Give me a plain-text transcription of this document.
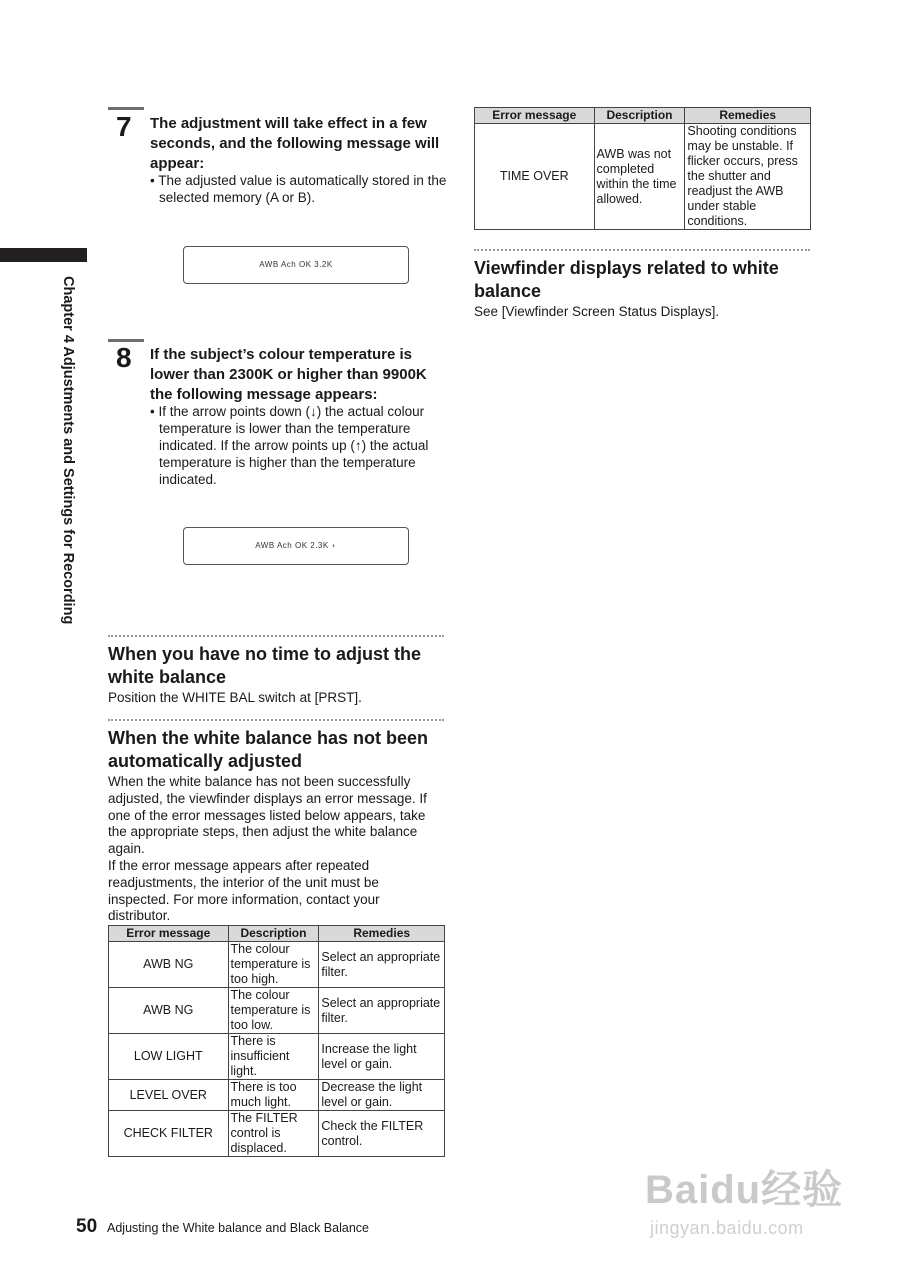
Chapter 4 Adjustments and Settings for Recording
7 The adjustment will take effect in a few seconds, and the following message will appear:
• The adjusted value is automatically stored in the selected memory (A or B).
AWB Ach OK 3.2K
8 If the subject’s colour temperature is lower than 2300K or higher than 9900K the following message appears:
• If the arrow points down (↓) the actual colour temperature is lower than the temperature indicated. If the arrow points up (↑) the actual temperature is higher than the temperature indicated.
AWB Ach OK 2.3K ⍖
When you have no time to adjust the white balance
Position the WHITE BAL switch at [PRST].
When the white balance has not been automatically adjusted
When the white balance has not been successfully adjusted, the viewfinder displays an error message. If one of the error messages listed below appears, take the appropriate steps, then adjust the white balance again.
If the error message appears after repeated readjustments, the interior of the unit must be inspected. For more information, contact your distributor.
Error message	Description	Remedies
AWB NG	The colour temperature is too high.	Select an appropriate filter.
AWB NG	The colour temperature is too low.	Select an appropriate filter.
LOW LIGHT	There is insufficient light.	Increase the light level or gain.
LEVEL OVER	There is too much light.	Decrease the light level or gain.
CHECK FILTER	The FILTER control is displaced.	Check the FILTER control.
Error message	Description	Remedies
TIME OVER	AWB was not completed within the time allowed.	Shooting conditions may be unstable. If flicker occurs, press the shutter and readjust the AWB under stable conditions.
Viewfinder displays related to white balance
See [Viewfinder Screen Status Displays].
50 Adjusting the White balance and Black Balance
Baidu经验
jingyan.baidu.com
